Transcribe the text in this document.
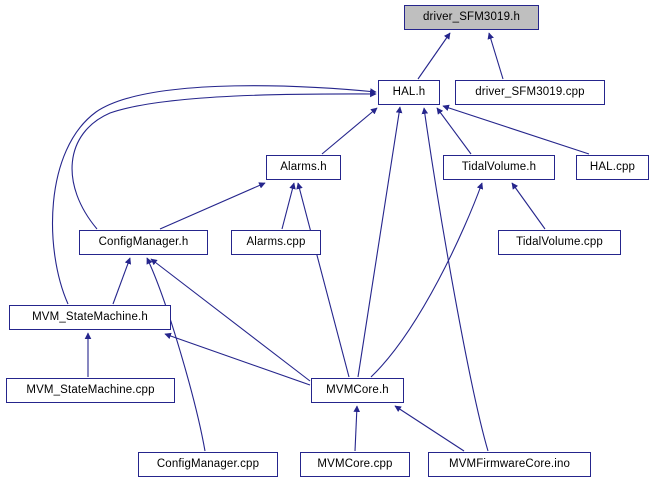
driver_SFM3019.h
HAL.h	driver_SFM3019.cpp
Alarms.h	TidalVolume.h	HAL.cpp
ConfigManager.h	Alarms.cpp	TidalVolume.cpp
MVM_StateMachine.h
MVMCore.h
MVM_StateMachine.cpp
ConfigManager.cpp	MVMCore.cpp	MVMFirmwareCore.ino
